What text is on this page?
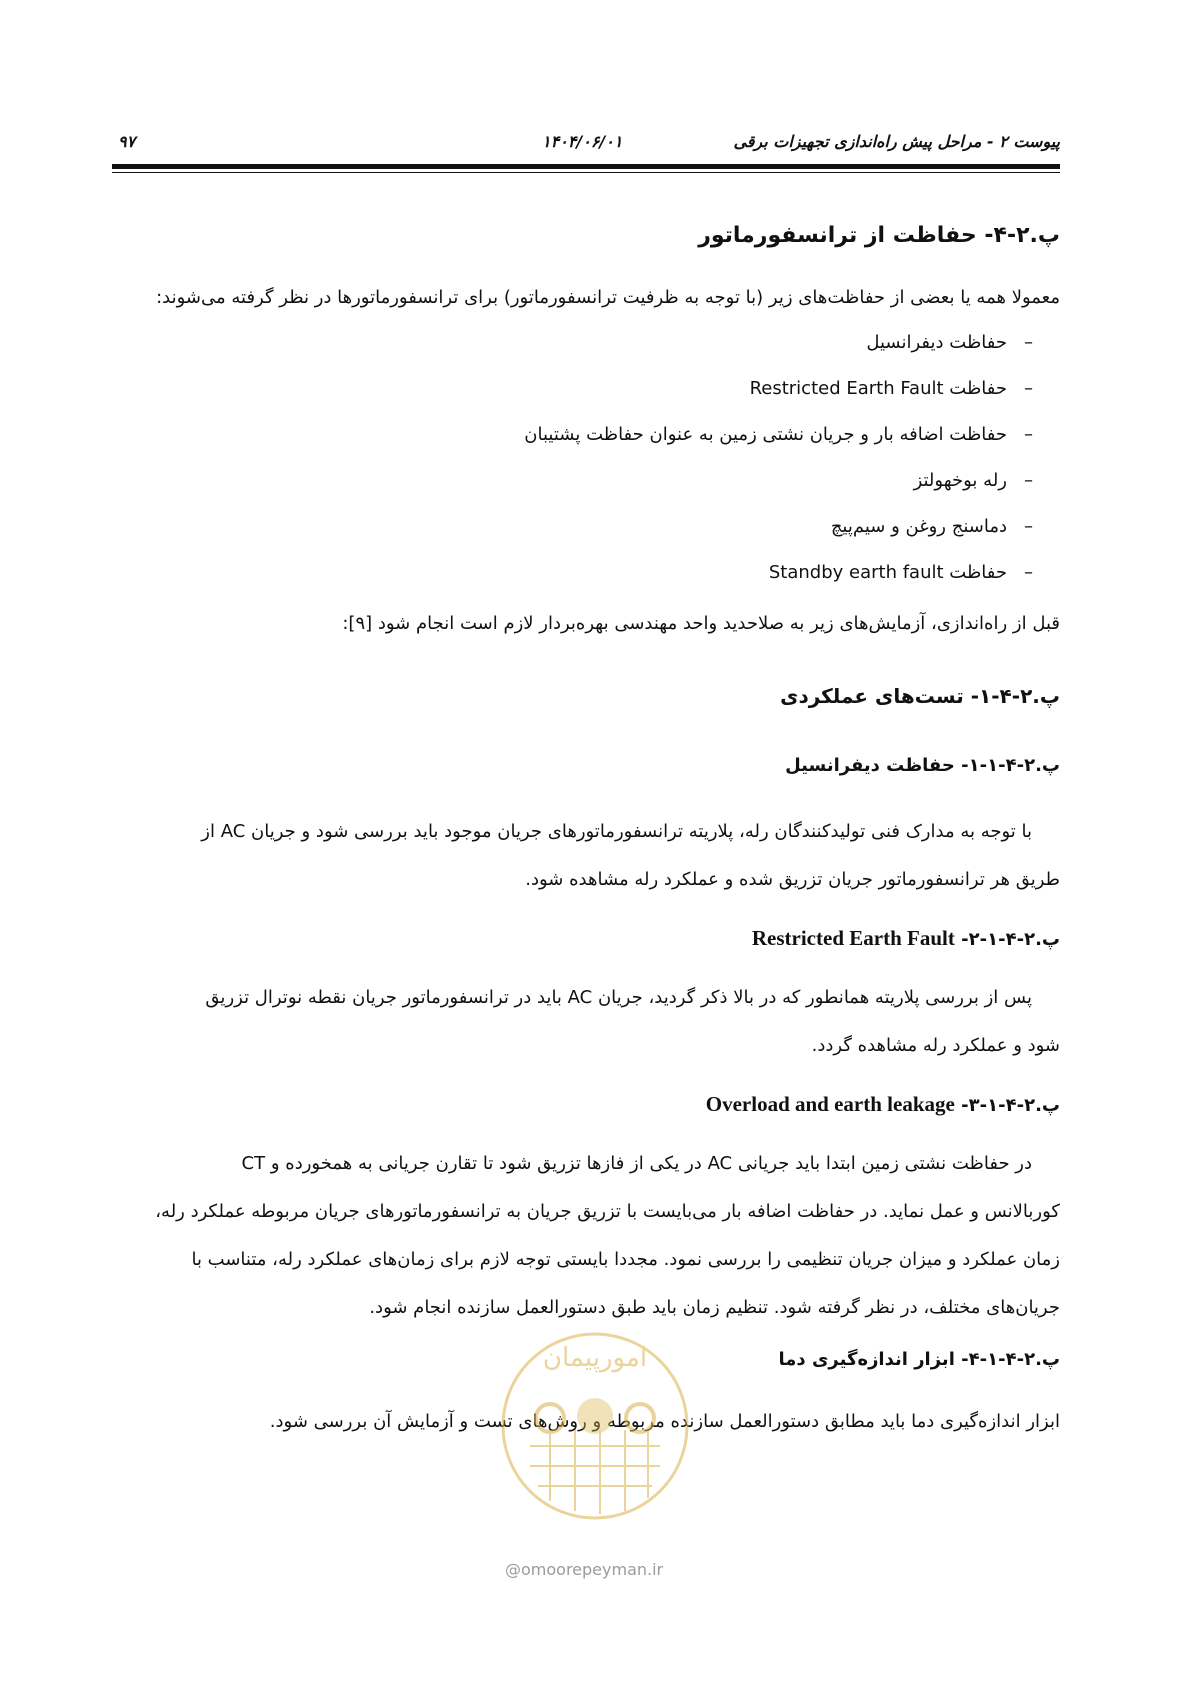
پیوست ۲ - مراحل پیش راه‌اندازی تجهیزات برقی
۱۴۰۴/۰۶/۰۱
۹۷
پ.۲-۴- حفاظت از ترانسفورماتور
معمولا همه یا بعضی از حفاظت‌های زیر (با توجه به ظرفیت ترانسفورماتور) برای ترانسفورماتورها در نظر گرفته می‌شوند:
–حفاظت دیفرانسیل
–حفاظت Restricted Earth Fault
–حفاظت اضافه بار و جریان نشتی زمین به عنوان حفاظت پشتیبان
–رله بوخهولتز
–دماسنج روغن و سیم‌پیچ
–حفاظت Standby earth fault
قبل از راه‌اندازی، آزمایش‌های زیر به صلاحدید واحد مهندسی بهره‌بردار لازم است انجام شود [۹]:
پ.۲-۴-۱- تست‌های عملکردی
پ.۲-۴-۱-۱- حفاظت دیفرانسیل
با توجه به مدارک فنی تولیدکنندگان رله، پلاریته ترانسفورماتورهای جریان موجود باید بررسی شود و جریان AC از
طریق هر ترانسفورماتور جریان تزریق شده و عملکرد رله مشاهده شود.
پ.۲-۴-۱-۲- Restricted Earth Fault
پس از بررسی پلاریته همانطور که در بالا ذکر گردید، جریان AC باید در ترانسفورماتور جریان نقطه نوترال تزریق
شود و عملکرد رله مشاهده گردد.
پ.۲-۴-۱-۳- Overload and earth leakage
در حفاظت نشتی زمین ابتدا باید جریانی AC در یکی از فازها تزریق شود تا تقارن جریانی به همخورده و CT
کوربالانس و عمل نماید. در حفاظت اضافه بار می‌بایست با تزریق جریان به ترانسفورماتورهای جریان مربوطه عملکرد رله،
زمان عملکرد و میزان جریان تنظیمی را بررسی نمود. مجددا بایستی توجه لازم برای زمان‌های عملکرد رله، متناسب با
جریان‌های مختلف، در نظر گرفته شود. تنظیم زمان باید طبق دستورالعمل سازنده انجام شود.
پ.۲-۴-۱-۴- ابزار اندازه‌گیری دما
ابزار اندازه‌گیری دما باید مطابق دستورالعمل سازنده مربوطه و روش‌های تست و آزمایش آن بررسی شود.
امورپیمان
@omoorepeyman.ir
